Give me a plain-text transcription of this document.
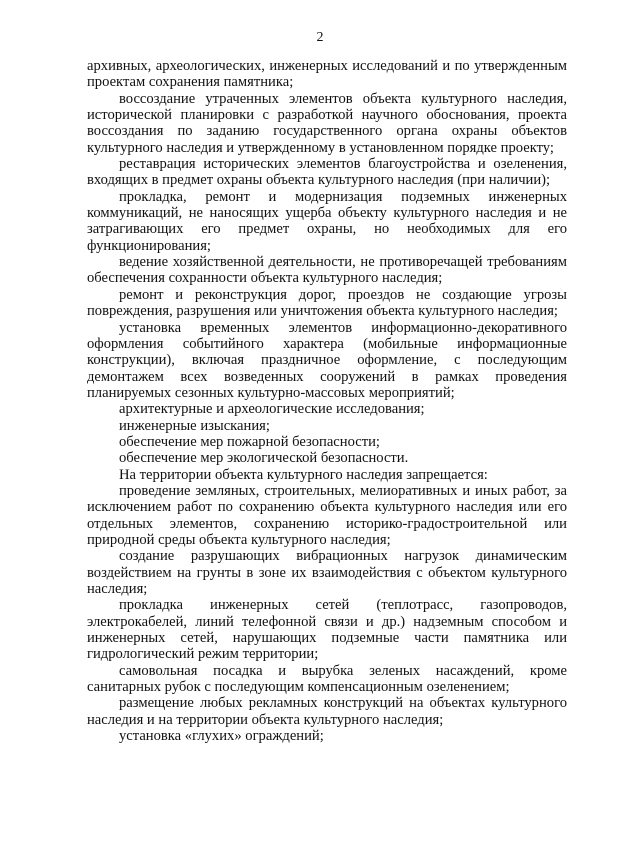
2

архивных, археологических, инженерных исследований и по утвержденным проектам сохранения памятника;

воссоздание утраченных элементов объекта культурного наследия, исторической планировки с разработкой научного обоснования, проекта воссоздания по заданию государственного органа охраны объектов культурного наследия и утвержденному в установленном порядке проекту;

реставрация исторических элементов благоустройства и озеленения, входящих в предмет охраны объекта культурного наследия (при наличии);

прокладка, ремонт и модернизация подземных инженерных коммуникаций, не наносящих ущерба объекту культурного наследия и не затрагивающих его предмет охраны, но необходимых для его функционирования;

ведение хозяйственной деятельности, не противоречащей требованиям обеспечения сохранности объекта культурного наследия;

ремонт и реконструкция дорог, проездов не создающие угрозы повреждения, разрушения или уничтожения объекта культурного наследия;

установка временных элементов информационно-декоративного оформления событийного характера (мобильные информационные конструкции), включая праздничное оформление, с последующим демонтажем всех возведенных сооружений в рамках проведения планируемых сезонных культурно-массовых мероприятий;

архитектурные и археологические исследования;

инженерные изыскания;

обеспечение мер пожарной безопасности;

обеспечение мер экологической безопасности.

На территории объекта культурного наследия запрещается:

проведение земляных, строительных, мелиоративных и иных работ, за исключением работ по сохранению объекта культурного наследия или его отдельных элементов, сохранению историко-градостроительной или природной среды объекта культурного наследия;

создание разрушающих вибрационных нагрузок динамическим воздействием на грунты в зоне их взаимодействия с объектом культурного наследия;

прокладка инженерных сетей (теплотрасс, газопроводов, электрокабелей, линий телефонной связи и др.) надземным способом и инженерных сетей, нарушающих подземные части памятника или гидрологический режим территории;

самовольная посадка и вырубка зеленых насаждений, кроме санитарных рубок с последующим компенсационным озеленением;

размещение любых рекламных конструкций на объектах культурного наследия и на территории объекта культурного наследия;

установка «глухих» ограждений;
